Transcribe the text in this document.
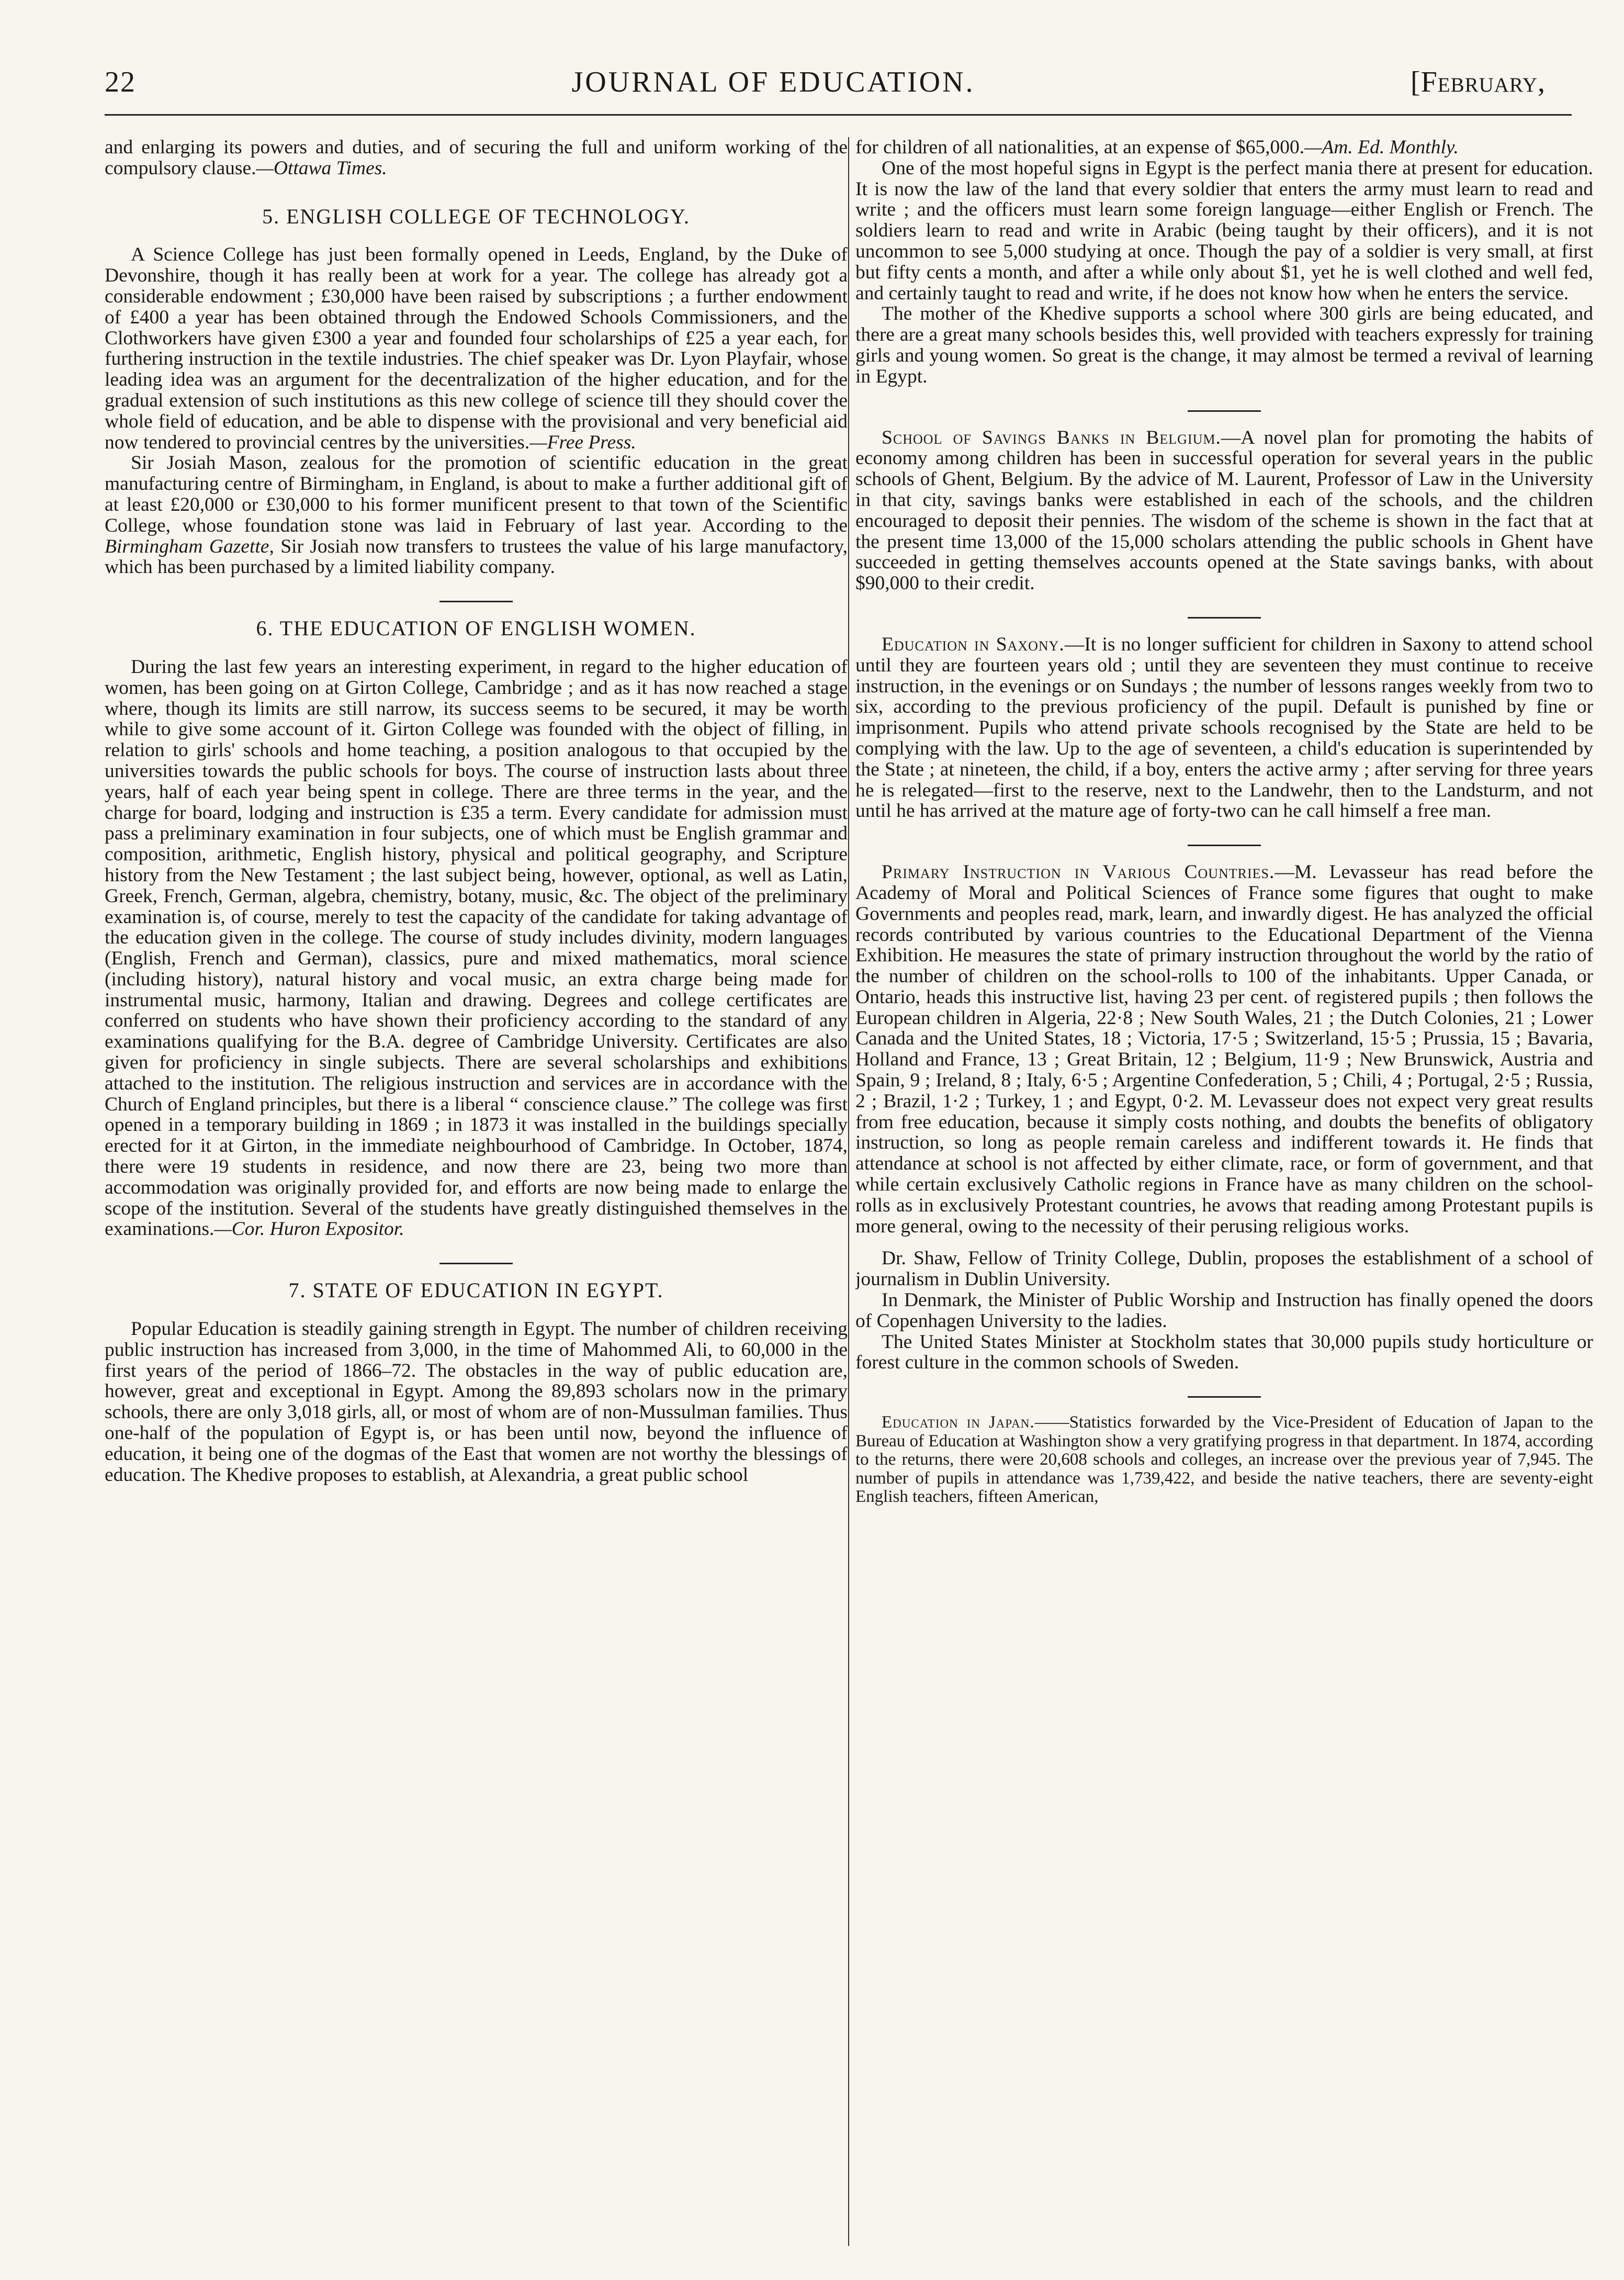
22	JOURNAL OF EDUCATION.	[February,

and enlarging its powers and duties, and of securing the full and uniform working of the compulsory clause.—Ottawa Times.

5. ENGLISH COLLEGE OF TECHNOLOGY.

A Science College has just been formally opened in Leeds, England, by the Duke of Devonshire, though it has really been at work for a year. The college has already got a considerable endowment ; £30,000 have been raised by subscriptions ; a further endowment of £400 a year has been obtained through the Endowed Schools Commissioners, and the Clothworkers have given £300 a year and founded four scholarships of £25 a year each, for furthering instruction in the textile industries. The chief speaker was Dr. Lyon Playfair, whose leading idea was an argument for the decentralization of the higher education, and for the gradual extension of such institutions as this new college of science till they should cover the whole field of education, and be able to dispense with the provisional and very beneficial aid now tendered to provincial centres by the universities.—Free Press.

Sir Josiah Mason, zealous for the promotion of scientific education in the great manufacturing centre of Birmingham, in England, is about to make a further additional gift of at least £20,000 or £30,000 to his former munificent present to that town of the Scientific College, whose foundation stone was laid in February of last year. According to the Birmingham Gazette, Sir Josiah now transfers to trustees the value of his large manufactory, which has been purchased by a limited liability company.

6. THE EDUCATION OF ENGLISH WOMEN.

During the last few years an interesting experiment, in regard to the higher education of women, has been going on at Girton College, Cambridge ; and as it has now reached a stage where, though its limits are still narrow, its success seems to be secured, it may be worth while to give some account of it. Girton College was founded with the object of filling, in relation to girls' schools and home teaching, a position analogous to that occupied by the universities towards the public schools for boys. The course of instruction lasts about three years, half of each year being spent in college. There are three terms in the year, and the charge for board, lodging and instruction is £35 a term. Every candidate for admission must pass a preliminary examination in four subjects, one of which must be English grammar and composition, arithmetic, English history, physical and political geography, and Scripture history from the New Testament ; the last subject being, however, optional, as well as Latin, Greek, French, German, algebra, chemistry, botany, music, &c. The object of the preliminary examination is, of course, merely to test the capacity of the candidate for taking advantage of the education given in the college. The course of study includes divinity, modern languages (English, French and German), classics, pure and mixed mathematics, moral science (including history), natural history and vocal music, an extra charge being made for instrumental music, harmony, Italian and drawing. Degrees and college certificates are conferred on students who have shown their proficiency according to the standard of any examinations qualifying for the B.A. degree of Cambridge University. Certificates are also given for proficiency in single subjects. There are several scholarships and exhibitions attached to the institution. The religious instruction and services are in accordance with the Church of England principles, but there is a liberal “ conscience clause.” The college was first opened in a temporary building in 1869 ; in 1873 it was installed in the buildings specially erected for it at Girton, in the immediate neighbourhood of Cambridge. In October, 1874, there were 19 students in residence, and now there are 23, being two more than accommodation was originally provided for, and efforts are now being made to enlarge the scope of the institution. Several of the students have greatly distinguished themselves in the examinations.—Cor. Huron Expositor.

7. STATE OF EDUCATION IN EGYPT.

Popular Education is steadily gaining strength in Egypt. The number of children receiving public instruction has increased from 3,000, in the time of Mahommed Ali, to 60,000 in the first years of the period of 1866–72. The obstacles in the way of public education are, however, great and exceptional in Egypt. Among the 89,893 scholars now in the primary schools, there are only 3,018 girls, all, or most of whom are of non-Mussulman families. Thus one-half of the population of Egypt is, or has been until now, beyond the influence of education, it being one of the dogmas of the East that women are not worthy the blessings of education. The Khedive proposes to establish, at Alexandria, a great public school

for children of all nationalities, at an expense of $65,000.—Am. Ed. Monthly.

One of the most hopeful signs in Egypt is the perfect mania there at present for education. It is now the law of the land that every soldier that enters the army must learn to read and write ; and the officers must learn some foreign language—either English or French. The soldiers learn to read and write in Arabic (being taught by their officers), and it is not uncommon to see 5,000 studying at once. Though the pay of a soldier is very small, at first but fifty cents a month, and after a while only about $1, yet he is well clothed and well fed, and certainly taught to read and write, if he does not know how when he enters the service.

The mother of the Khedive supports a school where 300 girls are being educated, and there are a great many schools besides this, well provided with teachers expressly for training girls and young women. So great is the change, it may almost be termed a revival of learning in Egypt.

School of Savings Banks in Belgium.—A novel plan for promoting the habits of economy among children has been in successful operation for several years in the public schools of Ghent, Belgium. By the advice of M. Laurent, Professor of Law in the University in that city, savings banks were established in each of the schools, and the children encouraged to deposit their pennies. The wisdom of the scheme is shown in the fact that at the present time 13,000 of the 15,000 scholars attending the public schools in Ghent have succeeded in getting themselves accounts opened at the State savings banks, with about $90,000 to their credit.

Education in Saxony.—It is no longer sufficient for children in Saxony to attend school until they are fourteen years old ; until they are seventeen they must continue to receive instruction, in the evenings or on Sundays ; the number of lessons ranges weekly from two to six, according to the previous proficiency of the pupil. Default is punished by fine or imprisonment. Pupils who attend private schools recognised by the State are held to be complying with the law. Up to the age of seventeen, a child's education is superintended by the State ; at nineteen, the child, if a boy, enters the active army ; after serving for three years he is relegated—first to the reserve, next to the Landwehr, then to the Landsturm, and not until he has arrived at the mature age of forty-two can he call himself a free man.

Primary Instruction in Various Countries.—M. Levasseur has read before the Academy of Moral and Political Sciences of France some figures that ought to make Governments and peoples read, mark, learn, and inwardly digest. He has analyzed the official records contributed by various countries to the Educational Department of the Vienna Exhibition. He measures the state of primary instruction throughout the world by the ratio of the number of children on the school-rolls to 100 of the inhabitants. Upper Canada, or Ontario, heads this instructive list, having 23 per cent. of registered pupils ; then follows the European children in Algeria, 22·8 ; New South Wales, 21 ; the Dutch Colonies, 21 ; Lower Canada and the United States, 18 ; Victoria, 17·5 ; Switzerland, 15·5 ; Prussia, 15 ; Bavaria, Holland and France, 13 ; Great Britain, 12 ; Belgium, 11·9 ; New Brunswick, Austria and Spain, 9 ; Ireland, 8 ; Italy, 6·5 ; Argentine Confederation, 5 ; Chili, 4 ; Portugal, 2·5 ; Russia, 2 ; Brazil, 1·2 ; Turkey, 1 ; and Egypt, 0·2. M. Levasseur does not expect very great results from free education, because it simply costs nothing, and doubts the benefits of obligatory instruction, so long as people remain careless and indifferent towards it. He finds that attendance at school is not affected by either climate, race, or form of government, and that while certain exclusively Catholic regions in France have as many children on the school-rolls as in exclusively Protestant countries, he avows that reading among Protestant pupils is more general, owing to the necessity of their perusing religious works.

Dr. Shaw, Fellow of Trinity College, Dublin, proposes the establishment of a school of journalism in Dublin University.

In Denmark, the Minister of Public Worship and Instruction has finally opened the doors of Copenhagen University to the ladies.

The United States Minister at Stockholm states that 30,000 pupils study horticulture or forest culture in the common schools of Sweden.

Education in Japan.——Statistics forwarded by the Vice-President of Education of Japan to the Bureau of Education at Washington show a very gratifying progress in that department. In 1874, according to the returns, there were 20,608 schools and colleges, an increase over the previous year of 7,945. The number of pupils in attendance was 1,739,422, and beside the native teachers, there are seventy-eight English teachers, fifteen American,
